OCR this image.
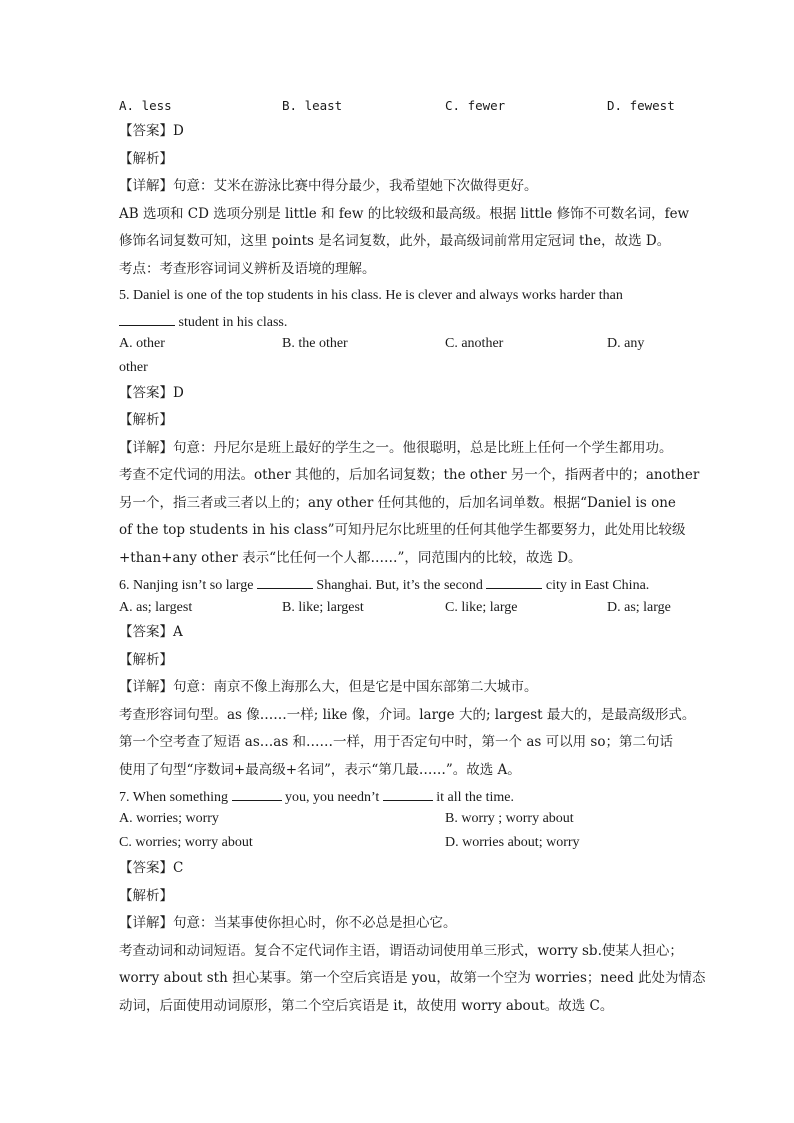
A. less	B. least	C. fewer	D. fewest
【答案】D
【解析】
【详解】句意：艾米在游泳比赛中得分最少，我希望她下次做得更好。
AB 选项和 CD 选项分别是 little 和 few 的比较级和最高级。根据 little 修饰不可数名词，few
修饰名词复数可知，这里 points 是名词复数，此外，最高级词前常用定冠词 the，故选 D。
考点：考查形容词词义辨析及语境的理解。
5. Daniel is one of the top students in his class. He is clever and always works harder than
student in his class.
A. other	B. the other	C. another	D. any
other
【答案】D
【解析】
【详解】句意：丹尼尔是班上最好的学生之一。他很聪明，总是比班上任何一个学生都用功。
考查不定代词的用法。other 其他的，后加名词复数；the other 另一个，指两者中的；another
另一个，指三者或三者以上的；any other 任何其他的，后加名词单数。根据“Daniel is one
of the top students in his class”可知丹尼尔比班里的任何其他学生都要努力，此处用比较级
+than+any other 表示“比任何一个人都……”，同范围内的比较，故选 D。
6. Nanjing isn’t so large	Shanghai. But, it’s the second	city in East China.
A. as; largest	B. like; largest	C. like; large	D. as; large
【答案】A
【解析】
【详解】句意：南京不像上海那么大，但是它是中国东部第二大城市。
考查形容词句型。as 像……一样; like 像，介词。large 大的; largest 最大的，是最高级形式。
第一个空考查了短语 as…as 和……一样，用于否定句中时，第一个 as 可以用 so；第二句话
使用了句型“序数词+最高级+名词”，表示“第几最……”。故选 A。
7. When something	you, you needn’t	it all the time.
A. worries; worry	B. worry ; worry about
C. worries; worry about	D. worries about; worry
【答案】C
【解析】
【详解】句意：当某事使你担心时，你不必总是担心它。
考查动词和动词短语。复合不定代词作主语，谓语动词使用单三形式，worry sb.使某人担心；
worry about sth 担心某事。第一个空后宾语是 you，故第一个空为 worries；need 此处为情态
动词，后面使用动词原形，第二个空后宾语是 it，故使用 worry about。故选 C。
